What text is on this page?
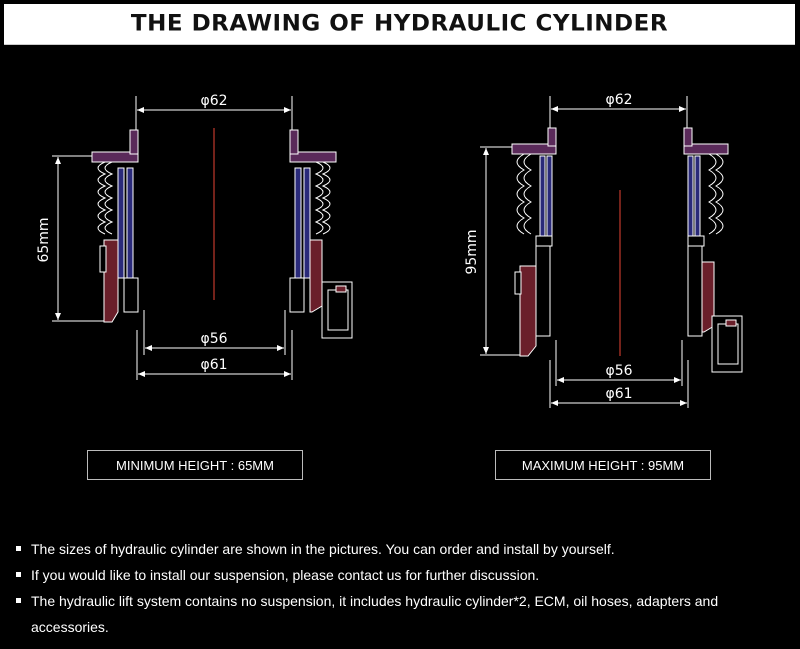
THE DRAWING OF HYDRAULIC CYLINDER
φ62
65mm
φ56
φ61
φ62
95mm
φ56
φ61
MINIMUM HEIGHT : 65MM	MAXIMUM HEIGHT : 95MM
The sizes of hydraulic cylinder are shown in the pictures. You can order and install by yourself.
If you would like to install our suspension, please contact us for further discussion.
The hydraulic lift system contains no suspension, it includes hydraulic cylinder*2, ECM, oil hoses, adapters and accessories.
